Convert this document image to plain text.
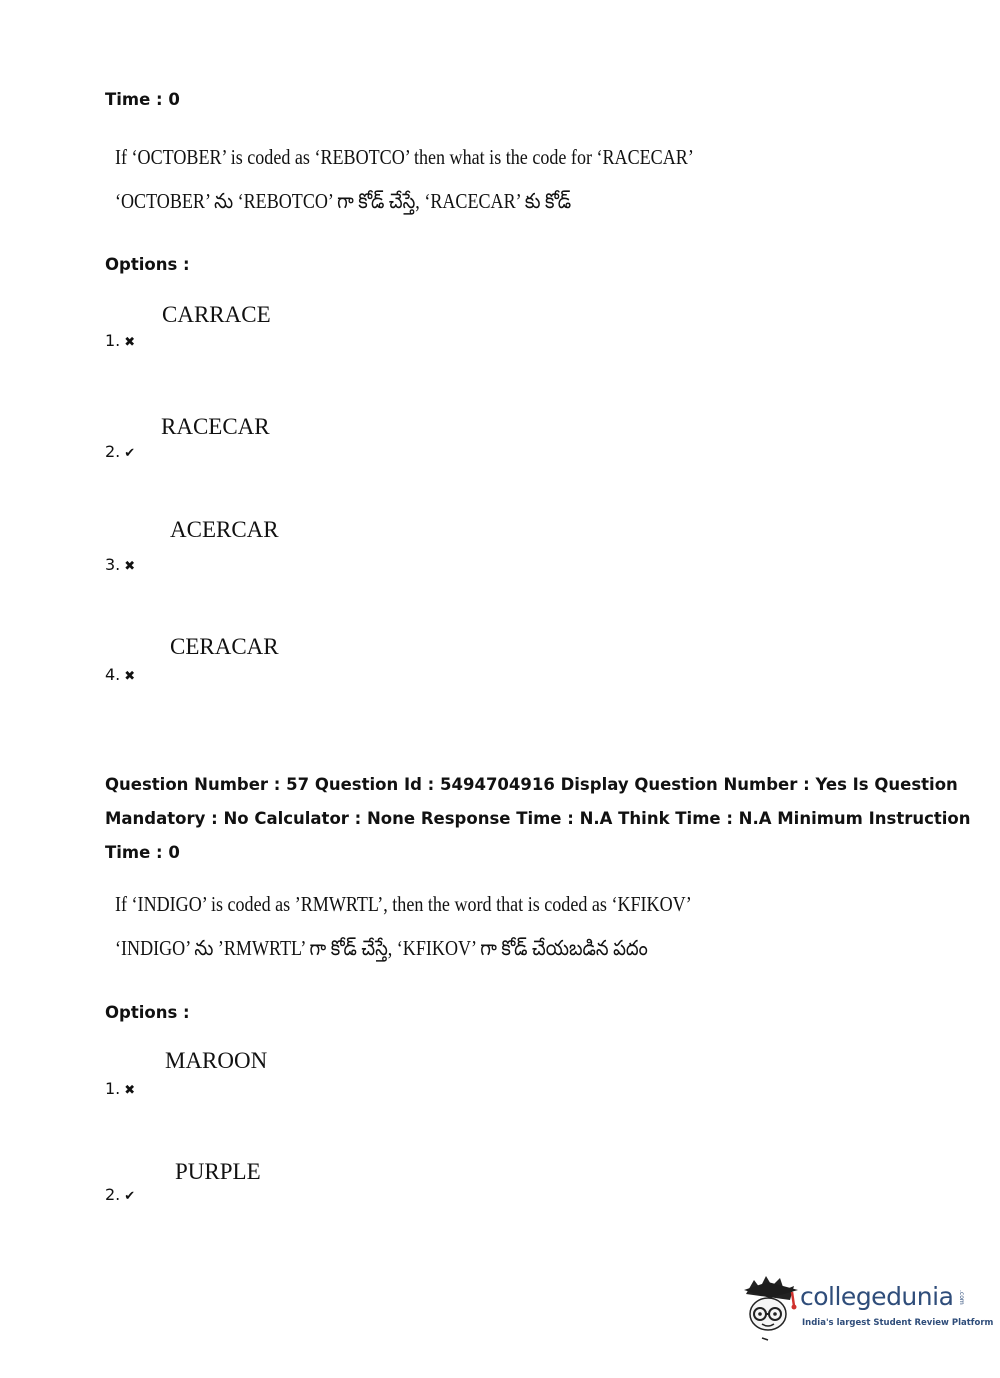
Time : 0
If ‘OCTOBER’ is coded as ‘REBOTCO’ then what is the code for ‘RACECAR’
‘OCTOBER’ ను ‘REBOTCO’ గా కోడ్ చేస్తే, ‘RACECAR’ కు కోడ్
Options :
CARRACE
1. ✖
RACECAR
2. ✔
ACERCAR
3. ✖
CERACAR
4. ✖
Question Number : 57 Question Id : 5494704916 Display Question Number : Yes Is Question
Mandatory : No Calculator : None Response Time : N.A Think Time : N.A Minimum Instruction
Time : 0
If ‘INDIGO’ is coded as ’RMWRTL’, then the word that is coded as ‘KFIKOV’
‘INDIGO’ ను ’RMWRTL’ గా కోడ్ చేస్తే, ‘KFIKOV’ గా కోడ్ చేయబడిన పదం
Options :
MAROON
1. ✖
PURPLE
2. ✔
collegedunia .com
India's largest Student Review Platform
